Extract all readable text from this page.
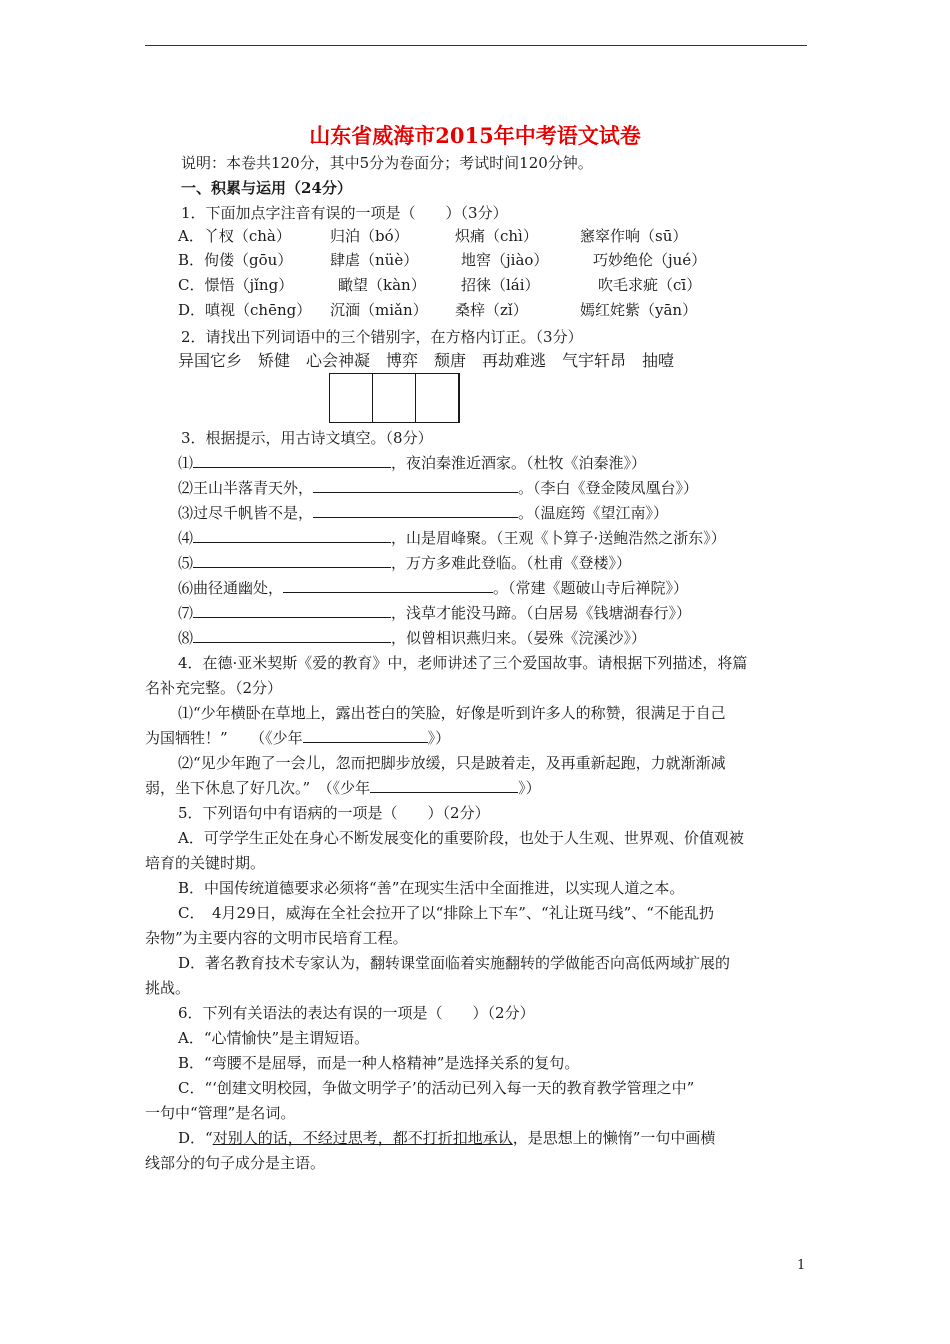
山东省威海市2015年中考语文试卷
说明：本卷共120分，其中5分为卷面分；考试时间120分钟。
一、积累与运用（24分）
1．下面加点字注音有误的一项是（　　）（3分）
A．丫杈（chà）	归泊（bó）	炽痛（chì）	窸窣作响（sū）
B．佝偻（gōu）	肆虐（nüè）	地窖（jiào）	巧妙绝伦（jué）
C．憬悟（jǐng）	瞰望（kàn） 招徕（lái）	吹毛求疵（cī）
D．嗔视（chēng） 沉湎（miǎn） 桑梓（zǐ）	嫣红姹紫（yān）
2．请找出下列词语中的三个错别字，在方格内订正。（3分）
异国它乡　矫健　心会神凝　博弈　颓唐　再劫难逃　气宇轩昂　抽噎
3．根据提示，用古诗文填空。（8分）
⑴	，夜泊秦淮近酒家。（杜牧《泊秦淮》）
⑵王山半落青天外，	。（李白《登金陵凤凰台》）
⑶过尽千帆皆不是，	。（温庭筠《望江南》）
⑷	，山是眉峰聚。（王观《卜算子·送鲍浩然之浙东》）
⑸	，万方多难此登临。（杜甫《登楼》）
⑹曲径通幽处，	。（常建《题破山寺后禅院》）
⑺	，浅草才能没马蹄。（白居易《钱塘湖春行》）
⑻	，似曾相识燕归来。（晏殊《浣溪沙》）
4．在德·亚米契斯《爱的教育》中，老师讲述了三个爱国故事。请根据下列描述，将篇
名补充完整。（2分）
⑴“少年横卧在草地上，露出苍白的笑脸，好像是听到许多人的称赞，很满足于自己
为国牺牲！”　　（《少年	》）
⑵“见少年跑了一会儿，忽而把脚步放缓，只是跛着走，及再重新起跑，力就渐渐减
弱，坐下休息了好几次。”　（《少年	》）
5．下列语句中有语病的一项是（　　）（2分）
A．可学学生正处在身心不断发展变化的重要阶段，也处于人生观、世界观、价值观被
培育的关键时期。
B．中国传统道德要求必须将“善”在现实生活中全面推进，以实现人道之本。
C．　4月29日，威海在全社会拉开了以“排除上下车”、“礼让斑马线”、“不能乱扔
杂物”为主要内容的文明市民培育工程。
D．著名教育技术专家认为，翻转课堂面临着实施翻转的学做能否向高低两域扩展的
挑战。
6．下列有关语法的表达有误的一项是（　　）（2分）
A．“心情愉快”是主谓短语。
B．“弯腰不是屈辱，而是一种人格精神”是选择关系的复句。
C．“‘创建文明校园，争做文明学子’的活动已列入每一天的教育教学管理之中”
一句中“管理”是名词。
D．“对别人的话，不经过思考，都不打折扣地承认，是思想上的懒惰”一句中画横
线部分的句子成分是主语。
1
